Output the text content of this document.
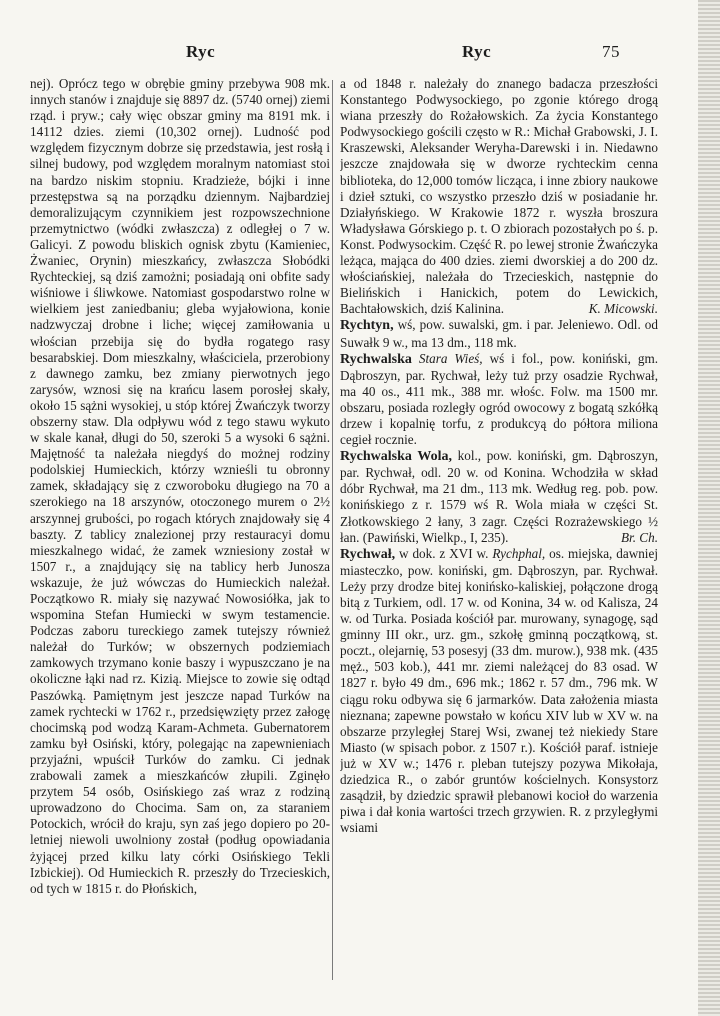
Ryc	Ryc	75

nej). Oprócz tego w obrębie gminy przebywa 908 mk. innych stanów i znajduje się 8897 dz. (5740 ornej) ziemi rząd. i pryw.; cały więc obszar gminy ma 8191 mk. i 14112 dzies. ziemi (10,302 ornej). Ludność pod względem fizycznym dobrze się przedstawia, jest rosłą i silnej budowy, pod względem moralnym natomiast stoi na bardzo niskim stopniu. Kradzieże, bójki i inne przestępstwa są na porządku dziennym. Najbardziej demoralizującym czynnikiem jest rozpowszechnione przemytnictwo (wódki zwłaszcza) z odległej o 7 w. Galicyi. Z powodu bliskich ognisk zbytu (Kamieniec, Żwaniec, Orynin) mieszkańcy, zwłaszcza Słobódki Rychteckiej, są dziś zamożni; posiadają oni obfite sady wiśniowe i śliwkowe. Natomiast gospodarstwo rolne w wielkiem jest zaniedbaniu; gleba wyjałowiona, konie nadzwyczaj drobne i liche; więcej zamiłowania u włościan przebija się do bydła rogatego rasy besarabskiej. Dom mieszkalny, właściciela, przerobiony z dawnego zamku, bez zmiany pierwotnych jego zarysów, wznosi się na krańcu lasem porosłej skały, około 15 sążni wysokiej, u stóp której Żwańczyk tworzy obszerny staw. Dla odpływu wód z tego stawu wykuto w skale kanał, długi do 50, szeroki 5 a wysoki 6 sążni. Majętność ta należała niegdyś do możnej rodziny podolskiej Humieckich, którzy wznieśli tu obronny zamek, składający się z czworoboku długiego na 70 a szerokiego na 18 arszynów, otoczonego murem o 2½ arszynnej grubości, po rogach których znajdowały się 4 baszty. Z tablicy znalezionej przy restauracyi domu mieszkalnego widać, że zamek wzniesiony został w 1507 r., a znajdujący się na tablicy herb Junosza wskazuje, że już wówczas do Humieckich należał. Początkowo R. miały się nazywać Nowosiółka, jak to wspomina Stefan Humiecki w swym testamencie. Podczas zaboru tureckiego zamek tutejszy również należał do Turków; w obszernych podziemiach zamkowych trzymano konie baszy i wypuszczano je na okoliczne łąki nad rz. Kizią. Miejsce to zowie się odtąd Paszówką. Pamiętnym jest jeszcze napad Turków na zamek rychtecki w 1762 r., przedsięwzięty przez załogę chocimską pod wodzą Karam-Achmeta. Gubernatorem zamku był Osiński, który, polegając na zapewnieniach przyjaźni, wpuścił Turków do zamku. Ci jednak zrabowali zamek a mieszkańców złupili. Zginęło przytem 54 osób, Osińskiego zaś wraz z rodziną uprowadzono do Chocima. Sam on, za staraniem Potockich, wrócił do kraju, syn zaś jego dopiero po 20-letniej niewoli uwolniony został (podług opowiadania żyjącej przed kilku laty córki Osińskiego Tekli Izbickiej). Od Humieckich R. przeszły do Trzecieskich, od tych w 1815 r. do Płońskich,

a od 1848 r. należały do znanego badacza przeszłości Konstantego Podwysockiego, po zgonie którego drogą wiana przeszły do Rożałowskich. Za życia Konstantego Podwysockiego gościli często w R.: Michał Grabowski, J. I. Kraszewski, Aleksander Weryha-Darewski i in. Niedawno jeszcze znajdowała się w dworze rychteckim cenna biblioteka, do 12,000 tomów licząca, i inne zbiory naukowe i dzieł sztuki, co wszystko przeszło dziś w posiadanie hr. Działyńskiego. W Krakowie 1872 r. wyszła broszura Władysława Górskiego p. t. O zbiorach pozostałych po ś. p. Konst. Podwysockim. Część R. po lewej stronie Żwańczyka leżąca, mająca do 400 dzies. ziemi dworskiej a do 200 dz. włościańskiej, należała do Trzecieskich, następnie do Bielińskich i Hanickich, potem do Lewickich, Bachtałowskich, dziś Kalinina.	K. Micowski.

Rychtyn, wś, pow. suwalski, gm. i par. Jeleniewo. Odl. od Suwałk 9 w., ma 13 dm., 118 mk.

Rychwalska Stara Wieś, wś i fol., pow. koniński, gm. Dąbroszyn, par. Rychwał, leży tuż przy osadzie Rychwał, ma 40 os., 411 mk., 388 mr. włośc. Folw. ma 1500 mr. obszaru, posiada rozległy ogród owocowy z bogatą szkółką drzew i kopalnię torfu, z produkcyą do półtora miliona cegieł rocznie.

Rychwalska Wola, kol., pow. koniński, gm. Dąbroszyn, par. Rychwał, odl. 20 w. od Konina. Wchodziła w skład dóbr Rychwał, ma 21 dm., 113 mk. Według reg. pob. pow. konińskiego z r. 1579 wś R. Wola miała w części St. Złotkowskiego 2 łany, 3 zagr. Części Rozrażewskiego ½ łan. (Pawiński, Wielkp., I, 235).	Br. Ch.

Rychwał, w dok. z XVI w. Rychphal, os. miejska, dawniej miasteczko, pow. koniński, gm. Dąbroszyn, par. Rychwał. Leży przy drodze bitej konińsko-kaliskiej, połączone drogą bitą z Turkiem, odl. 17 w. od Konina, 34 w. od Kalisza, 24 w. od Turka. Posiada kościół par. murowany, synagogę, sąd gminny III okr., urz. gm., szkołę gminną początkową, st. poczt., olejarnię, 53 posesyj (33 dm. murow.), 938 mk. (435 męż., 503 kob.), 441 mr. ziemi należącej do 83 osad. W 1827 r. było 49 dm., 696 mk.; 1862 r. 57 dm., 796 mk. W ciągu roku odbywa się 6 jarmarków. Data założenia miasta nieznana; zapewne powstało w końcu XIV lub w XV w. na obszarze przyległej Starej Wsi, zwanej też niekiedy Stare Miasto (w spisach pobor. z 1507 r.). Kościół paraf. istnieje już w XV w.; 1476 r. pleban tutejszy pozywa Mikołaja, dziedzica R., o zabór gruntów kościelnych. Konsystorz zasądził, by dziedzic sprawił plebanowi kocioł do warzenia piwa i dał konia wartości trzech grzywien. R. z przyległymi wsiami
